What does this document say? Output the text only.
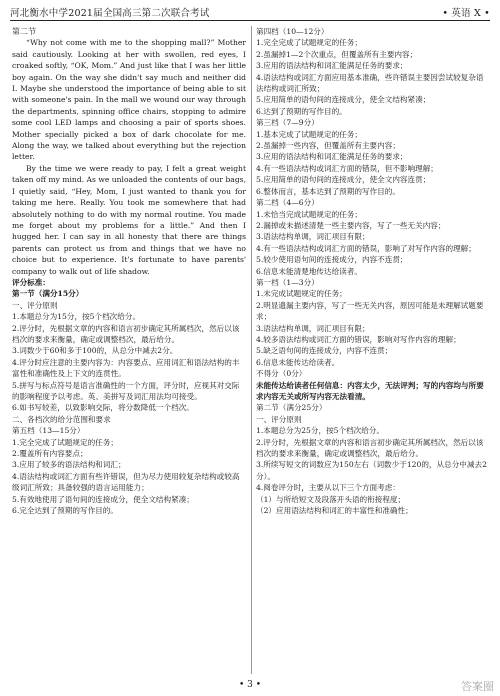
河北衡水中学2021届全国高三第二次联合考试	• 英语 X •

第二节

“Why not come with me to the shopping mall?” Mother said cautiously. Looking at her with swollen, red eyes, I croaked softly, “OK, Mom.” And just like that I was her little boy again. On the way she didn't say much and neither did I. Maybe she understood the importance of being able to sit with someone's pain. In the mall we wound our way through the departments, spinning office chairs, stopping to admire some cool LED lamps and choosing a pair of sports shoes. Mother specially picked a box of dark chocolate for me. Along the way, we talked about everything but the rejection letter.

By the time we were ready to pay, I felt a great weight taken off my mind. As we unloaded the contents of our bags, I quietly said, “Hey, Mom, I just wanted to thank you for taking me here. Really. You took me somewhere that had absolutely nothing to do with my normal routine. You made me forget about my problems for a little.” And then I hugged her. I can say in all honesty that there are things parents can protect us from and things that we have no choice but to experience. It's fortunate to have parents' company to walk out of life shadow.

评分标准：

第一节（满分15分）

一、评分原则

1.本题总分为15分，按5个档次给分。

2.评分时，先根据文章的内容和语言初步确定其所属档次，然后以该档次的要求来衡量，确定或调整档次，最后给分。

3.词数少于60和多于100的，从总分中减去2分。

4.评分时应注意的主要内容为：内容要点、应用词汇和语法结构的丰富性和准确性及上下文的连贯性。

5.拼写与标点符号是语言准确性的一个方面，评分时，应视其对交际的影响程度予以考虑。英、美拼写及词汇用法均可接受。

6.如书写较差，以致影响交际，将分数降低一个档次。

二、各档次的给分范围和要求

第五档（13—15分）

1.完全完成了试题规定的任务；

2.覆盖所有内容要点；

3.应用了较多的语法结构和词汇；

4.语法结构或词汇方面有些许错误，但为尽力使用较复杂结构或较高级词汇所致；具备较强的语言运用能力；

5.有效地使用了语句间的连接成分，使全文结构紧凑；

6.完全达到了预期的写作目的。

第四档（10—12分）

1.完全完成了试题规定的任务；

2.虽漏掉1—2个次重点，但覆盖所有主要内容；

3.应用的语法结构和词汇能满足任务的要求；

4.语法结构或词汇方面应用基本准确，些许错误主要因尝试较复杂语法结构或词汇所致；

5.应用简单的语句间的连接成分，使全文结构紧凑；

6.达到了预期的写作目的。

第三档（7—9分）

1.基本完成了试题规定的任务；

2.虽漏掉一些内容，但覆盖所有主要内容；

3.应用的语法结构和词汇能满足任务的要求；

4.有一些语法结构或词汇方面的错误，但不影响理解；

5.应用简单的语句间的连接成分，使全文内容连贯；

6.整体而言，基本达到了预期的写作目的。

第二档（4—6分）

1.未恰当完成试题规定的任务；

2.漏掉或未描述清楚一些主要内容，写了一些无关内容；

3.语法结构单调，词汇项目有限；

4.有一些语法结构或词汇方面的错误，影响了对写作内容的理解；

5.较少使用语句间的连接成分，内容不连贯；

6.信息未能清楚地传达给读者。

第一档（1—3分）

1.未完成试题规定的任务；

2.明显遗漏主要内容，写了一些无关内容，原因可能是未理解试题要求；

3.语法结构单调，词汇项目有限；

4.较多语法结构或词汇方面的错误，影响对写作内容的理解；

5.缺乏语句间的连接成分，内容不连贯；

6.信息未能传达给读者。

不得分（0分）

未能传达给读者任何信息：内容太少，无法评判；写的内容均与所要求内容无关或所写内容无法看清。

第二节（满分25分）

一、评分原则

1.本题总分为25分，按5个档次给分。

2.评分时，先根据文章的内容和语言初步确定其所属档次，然后以该档次的要求来衡量，确定或调整档次，最后给分。

3.所续写短文的词数应为150左右（词数少于120的，从总分中减去2分）。

4.阅卷评分时，主要从以下三个方面考虑：

（1）与所给短文及段落开头语的衔接程度；

（2）应用语法结构和词汇的丰富性和准确性；

• 3 •	答案圈
